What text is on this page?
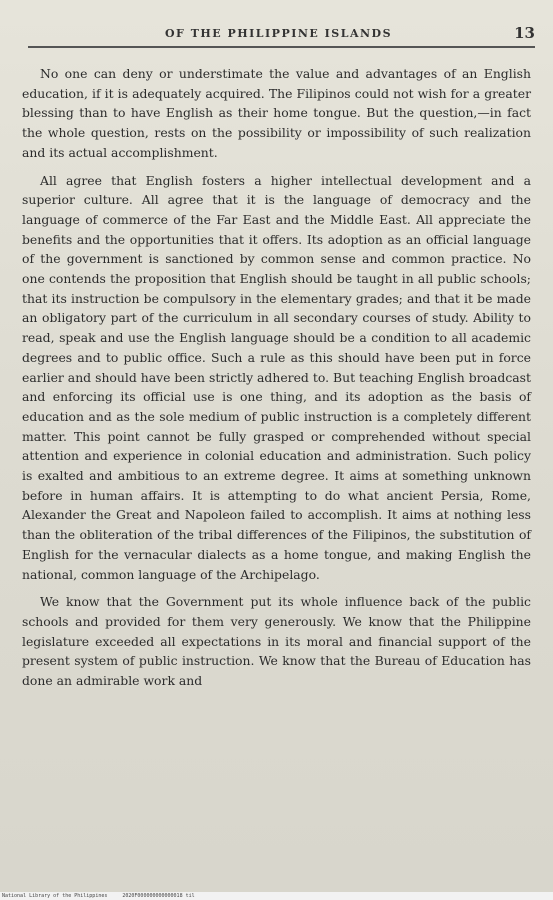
OF THE PHILIPPINE ISLANDS	13

No one can deny or understimate the value and advantages of an English education, if it is adequately acquired. The Filipinos could not wish for a greater blessing than to have English as their home tongue. But the question,—in fact the whole question, rests on the possibility or impossibility of such realization and its actual accomplishment.

All agree that English fosters a higher intellectual development and a superior culture. All agree that it is the language of democracy and the language of commerce of the Far East and the Middle East. All appreciate the benefits and the opportunities that it offers. Its adoption as an official language of the government is sanctioned by common sense and common practice. No one contends the proposition that English should be taught in all public schools; that its instruction be compulsory in the elementary grades; and that it be made an obligatory part of the curriculum in all secondary courses of study. Ability to read, speak and use the English language should be a condition to all academic degrees and to public office. Such a rule as this should have been put in force earlier and should have been strictly adhered to. But teaching English broadcast and enforcing its official use is one thing, and its adoption as the basis of education and as the sole medium of public instruction is a completely different matter. This point cannot be fully grasped or comprehended without special attention and experience in colonial education and administration. Such policy is exalted and ambitious to an extreme degree. It aims at something unknown before in human affairs. It is attempting to do what ancient Persia, Rome, Alexander the Great and Napoleon failed to accomplish. It aims at nothing less than the obliteration of the tribal differences of the Filipinos, the substitution of English for the vernacular dialects as a home tongue, and making English the national, common language of the Archipelago.

We know that the Government put its whole influence back of the public schools and provided for them very generously. We know that the Philippine legislature exceeded all expectations in its moral and financial support of the present system of public instruction. We know that the Bureau of Education has done an admirable work and

National Library of the Philippines	2020F000000000000018 til
